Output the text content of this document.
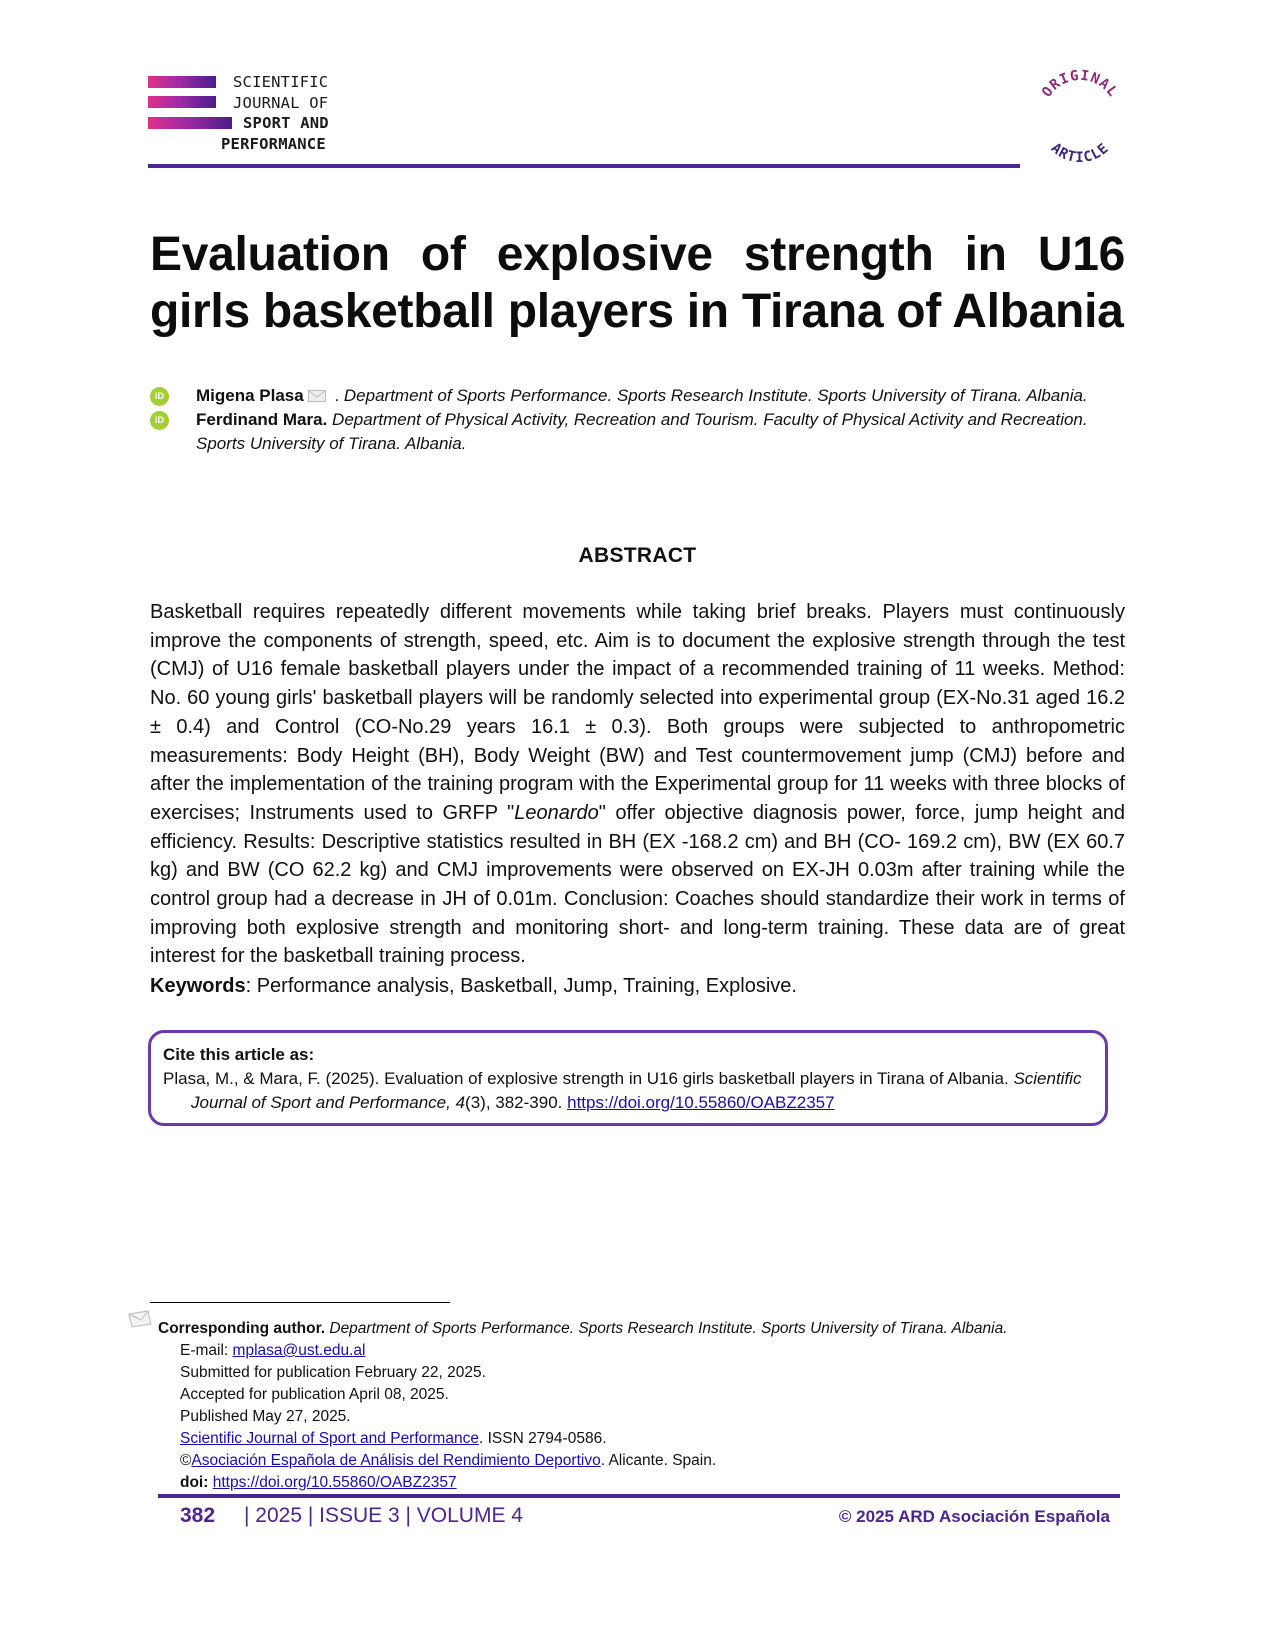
SCIENTIFIC
JOURNAL OF
SPORT AND
PERFORMANCE
ORIGINAL
ARTICLE
Evaluation of explosive strength in U16 girls basketball players in Tirana of Albania
iD Migena Plasa . Department of Sports Performance. Sports Research Institute. Sports University of Tirana. Albania.
iD Ferdinand Mara. Department of Physical Activity, Recreation and Tourism. Faculty of Physical Activity and Recreation. Sports University of Tirana. Albania.
ABSTRACT

Basketball requires repeatedly different movements while taking brief breaks. Players must continuously improve the components of strength, speed, etc. Aim is to document the explosive strength through the test (CMJ) of U16 female basketball players under the impact of a recommended training of 11 weeks. Method: No. 60 young girls' basketball players will be randomly selected into experimental group (EX-No.31 aged 16.2 ± 0.4) and Control (CO-No.29 years 16.1 ± 0.3). Both groups were subjected to anthropometric measurements: Body Height (BH), Body Weight (BW) and Test countermovement jump (CMJ) before and after the implementation of the training program with the Experimental group for 11 weeks with three blocks of exercises; Instruments used to GRFP "Leonardo" offer objective diagnosis power, force, jump height and efficiency. Results: Descriptive statistics resulted in BH (EX -168.2 cm) and BH (CO- 169.2 cm), BW (EX 60.7 kg) and BW (CO 62.2 kg) and CMJ improvements were observed on EX-JH 0.03m after training while the control group had a decrease in JH of 0.01m. Conclusion: Coaches should standardize their work in terms of improving both explosive strength and monitoring short- and long-term training. These data are of great interest for the basketball training process.

Keywords: Performance analysis, Basketball, Jump, Training, Explosive.

Cite this article as:
Plasa, M., & Mara, F. (2025). Evaluation of explosive strength in U16 girls basketball players in Tirana of Albania. Scientific Journal of Sport and Performance, 4(3), 382-390. https://doi.org/10.55860/OABZ2357
Corresponding author. Department of Sports Performance. Sports Research Institute. Sports University of Tirana. Albania.
E-mail: mplasa@ust.edu.al
Submitted for publication February 22, 2025.
Accepted for publication April 08, 2025.
Published May 27, 2025.
Scientific Journal of Sport and Performance. ISSN 2794-0586.
©Asociación Española de Análisis del Rendimiento Deportivo. Alicante. Spain.
doi: https://doi.org/10.55860/OABZ2357
382 | 2025 | ISSUE 3 | VOLUME 4	© 2025 ARD Asociación Española
